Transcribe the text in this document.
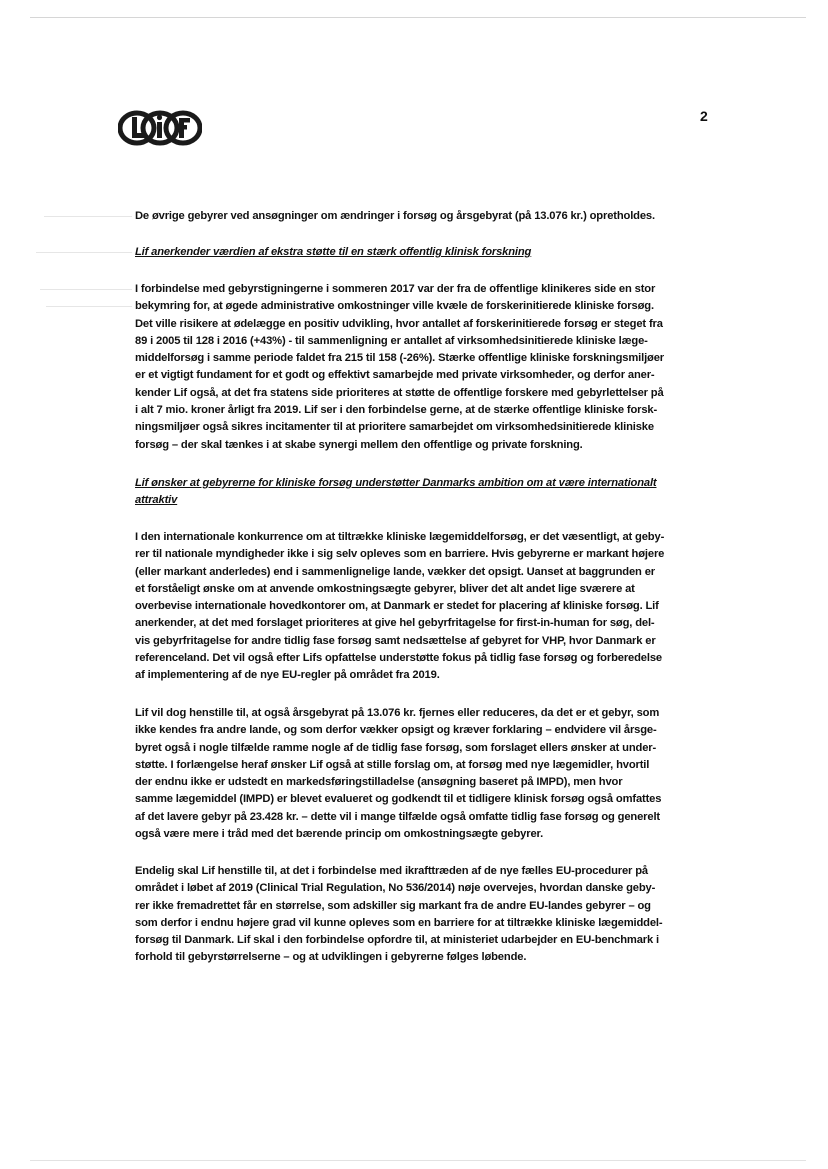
2
De øvrige gebyrer ved ansøgninger om ændringer i forsøg og årsgebyrat (på 13.076 kr.) opretholdes.
Lif anerkender værdien af ekstra støtte til en stærk offentlig klinisk forskning
I forbindelse med gebyrstigningerne i sommeren 2017 var der fra de offentlige klinikeres side en stor
bekymring for, at øgede administrative omkostninger ville kvæle de forskerinitierede kliniske forsøg.
Det ville risikere at ødelægge en positiv udvikling, hvor antallet af forskerinitierede forsøg er steget fra
89 i 2005 til 128 i 2016 (+43%) - til sammenligning er antallet af virksomhedsinitierede kliniske læge-
middelforsøg i samme periode faldet fra 215 til 158 (-26%). Stærke offentlige kliniske forskningsmiljøer
er et vigtigt fundament for et godt og effektivt samarbejde med private virksomheder, og derfor aner-
kender Lif også, at det fra statens side prioriteres at støtte de offentlige forskere med gebyrlettelser på
i alt 7 mio. kroner årligt fra 2019. Lif ser i den forbindelse gerne, at de stærke offentlige kliniske forsk-
ningsmiljøer også sikres incitamenter til at prioritere samarbejdet om virksomhedsinitierede kliniske
forsøg – der skal tænkes i at skabe synergi mellem den offentlige og private forskning.
Lif ønsker at gebyrerne for kliniske forsøg understøtter Danmarks ambition om at være internationalt
attraktiv
I den internationale konkurrence om at tiltrække kliniske lægemiddelforsøg, er det væsentligt, at geby-
rer til nationale myndigheder ikke i sig selv opleves som en barriere. Hvis gebyrerne er markant højere
(eller markant anderledes) end i sammenlignelige lande, vækker det opsigt. Uanset at baggrunden er
et forståeligt ønske om at anvende omkostningsægte gebyrer, bliver det alt andet lige sværere at
overbevise internationale hovedkontorer om, at Danmark er stedet for placering af kliniske forsøg. Lif
anerkender, at det med forslaget prioriteres at give hel gebyrfritagelse for first-in-human for søg, del-
vis gebyrfritagelse for andre tidlig fase forsøg samt nedsættelse af gebyret for VHP, hvor Danmark er
referenceland. Det vil også efter Lifs opfattelse understøtte fokus på tidlig fase forsøg og forberedelse
af implementering af de nye EU-regler på området fra 2019.
Lif vil dog henstille til, at også årsgebyrat på 13.076 kr. fjernes eller reduceres, da det er et gebyr, som
ikke kendes fra andre lande, og som derfor vækker opsigt og kræver forklaring – endvidere vil årsge-
byret også i nogle tilfælde ramme nogle af de tidlig fase forsøg, som forslaget ellers ønsker at under-
støtte. I forlængelse heraf ønsker Lif også at stille forslag om, at forsøg med nye lægemidler, hvortil
der endnu ikke er udstedt en markedsføringstilladelse (ansøgning baseret på IMPD), men hvor
samme lægemiddel (IMPD) er blevet evalueret og godkendt til et tidligere klinisk forsøg også omfattes
af det lavere gebyr på 23.428 kr. – dette vil i mange tilfælde også omfatte tidlig fase forsøg og generelt
også være mere i tråd med det bærende princip om omkostningsægte gebyrer.
Endelig skal Lif henstille til, at det i forbindelse med ikrafttræden af de nye fælles EU-procedurer på
området i løbet af 2019 (Clinical Trial Regulation, No 536/2014) nøje overvejes, hvordan danske geby-
rer ikke fremadrettet får en størrelse, som adskiller sig markant fra de andre EU-landes gebyrer – og
som derfor i endnu højere grad vil kunne opleves som en barriere for at tiltrække kliniske lægemiddel-
forsøg til Danmark. Lif skal i den forbindelse opfordre til, at ministeriet udarbejder en EU-benchmark i
forhold til gebyrstørrelserne – og at udviklingen i gebyrerne følges løbende.
